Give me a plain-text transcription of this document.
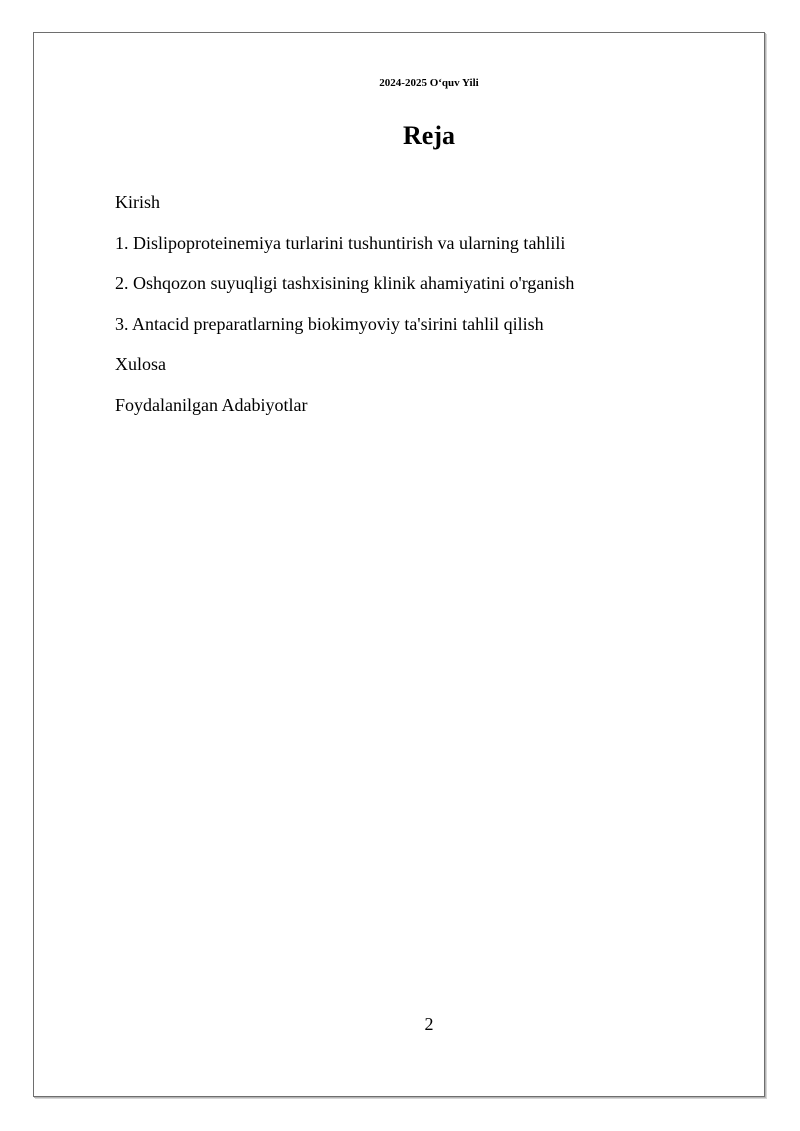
2024-2025 O‘quv Yili
Reja
Kirish
1. Dislipoproteinemiya turlarini tushuntirish va ularning tahlili
2. Oshqozon suyuqligi tashxisining klinik ahamiyatini o'rganish
3. Antacid preparatlarning biokimyoviy ta'sirini tahlil qilish
Xulosa
Foydalanilgan Adabiyotlar
2
